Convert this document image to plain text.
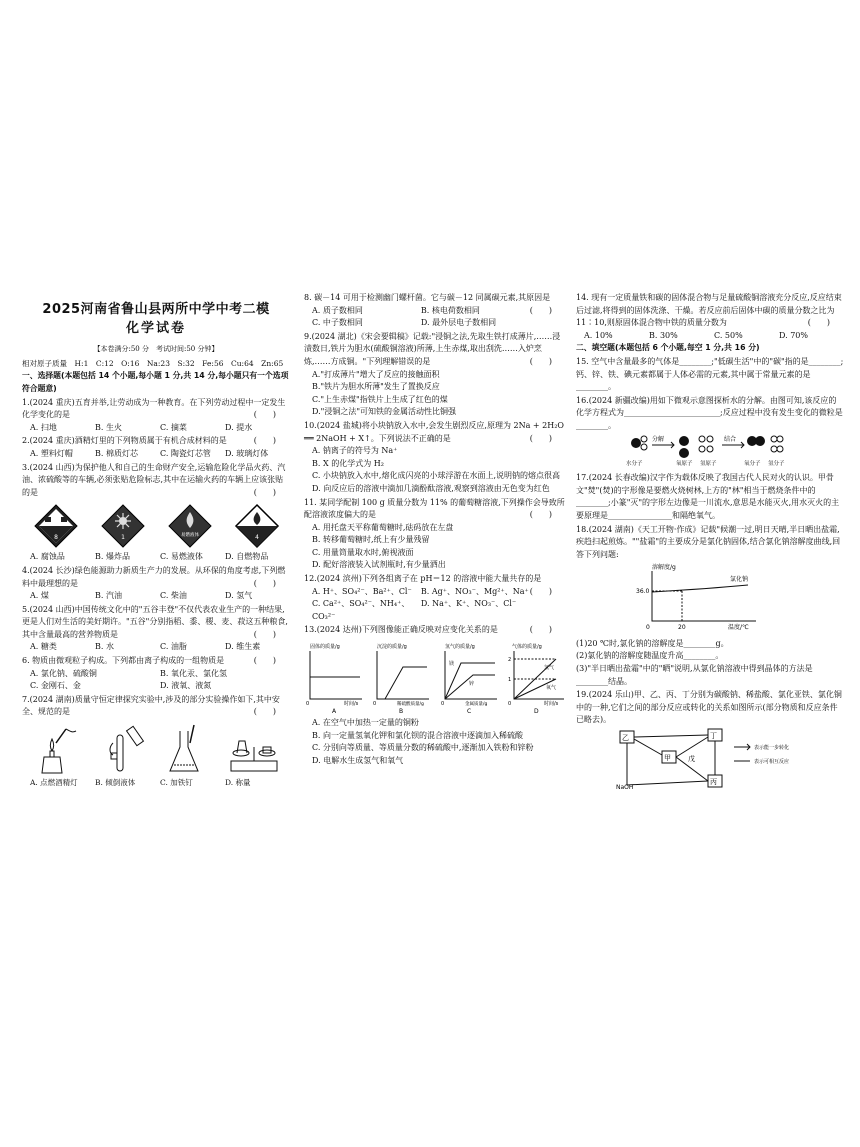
2025河南省鲁山县两所中学中考二模
化学试卷
【本卷满分:50 分　考试时间:50 分钟】
相对原子质量　H:1　C:12　O:16　Na:23　S:32　Fe:56　Cu:64　Zn:65
一、选择题(本题包括 14 个小题,每小题 1 分,共 14 分,每小题只有一个选项符合题意)
1.(2024 重庆)五育并举,让劳动成为一种教育。在下列劳动过程中一定发生化学变化的是	(　　)
A. 扫地	B. 生火	C. 摘菜	D. 提水
2.(2024 重庆)酒精灯里的下列物质属于有机合成材料的是	(　　)
A. 塑料灯帽	B. 棉质灯芯	C. 陶瓷灯芯管	D. 玻璃灯体
3.(2024 山西)为保护他人和自己的生命财产安全,运输危险化学品火药、汽油、浓硫酸等的车辆,必须张贴危险标志,其中在运输火药的车辆上应该张贴的是	(　　)
8	1	易燃液体	4
A. 腐蚀品	B. 爆炸品	C. 易燃液体	D. 自燃物品
4.(2024 长沙)绿色能源助力新质生产力的发展。从环保的角度考虑,下列燃料中最理想的是	(　　)
A. 煤	B. 汽油	C. 柴油	D. 氢气
5.(2024 山西)中国传统文化中的"五谷丰登"不仅代表农业生产的一种结果,更是人们对生活的美好期许。"五谷"分别指稻、黍、稷、麦、菽这五种粮食,其中含量最高的营养物质是	(　　)
A. 糖类	B. 水	C. 油脂	D. 维生素
6. 物质由微观粒子构成。下列都由离子构成的一组物质是	(　　)
A. 氯化钠、硫酸铜	B. 氧化汞、氯化氢
C. 金刚石、金	D. 液氧、液氮
7.(2024 湖南)质量守恒定律探究实验中,涉及的部分实验操作如下,其中安全、规范的是	(　　)
A. 点燃酒精灯	B. 倾倒液体	C. 加铁钉	D. 称量
8. 碳－14 可用于检测幽门螺杆菌。它与碳－12 同属碳元素,其原因是
(　　)
A. 质子数相同	B. 核电荷数相同
C. 中子数相同	D. 最外层电子数相同
9.(2024 湖北)《宋会要辑稿》记载:"浸铜之法,先取生铁打成薄片,……浸渍数日,铁片为胆水(硫酸铜溶液)所薄,上生赤煤,取出刮洗……入炉烹炼,……方成铜。"下列理解错误的是	(　　)
A."打成薄片"增大了反应的接触面积
B."铁片为胆水所薄"发生了置换反应
C."上生赤煤"指铁片上生成了红色的煤
D."浸铜之法"可知铁的金属活动性比铜强
10.(2024 盐城)将小块钠放入水中,会发生剧烈反应,原理为 2Na + 2H₂O ══ 2NaOH + X↑。下列说法不正确的是	(　　)
A. 钠离子的符号为 Na⁺
B. X 的化学式为 H₂
C. 小块钠放入水中,熔化成闪亮的小球浮游在水面上,说明钠的熔点很高
D. 向反应后的溶液中滴加几滴酚酞溶液,观察到溶液由无色变为红色
11. 某同学配制 100 g 质量分数为 11% 的葡萄糖溶液,下列操作会导致所配溶液浓度偏大的是	(　　)
A. 用托盘天平称葡萄糖时,砝码放在左盘
B. 转移葡萄糖时,纸上有少量残留
C. 用量筒量取水时,俯视液面
D. 配好溶液装入试剂瓶时,有少量洒出
12.(2024 滨州)下列各组离子在 pH＝12 的溶液中能大量共存的是
(　　)
A. H⁺、SO₄²⁻、Ba²⁺、Cl⁻	B. Ag⁺、NO₃⁻、Mg²⁺、Na⁺
C. Ca²⁺、SO₄²⁻、NH₄⁺、CO₃²⁻
D. Na⁺、K⁺、NO₃⁻、Cl⁻
13.(2024 达州)下列图像能正确反映对应变化关系的是	(　　)
固体的质量/g
0	时间/s
A
沉淀的质量/g
0	稀硫酸质量/g
B
氢气的质量/g
镁
锌
0	金属质量/g
C
气体的质量/g
2
1
氢气
氧气
0	时间/s
D
A. 在空气中加热一定量的铜粉
B. 向一定量氢氧化钾和氯化钡的混合溶液中逐滴加入稀硫酸
C. 分别向等质量、等质量分数的稀硫酸中,逐渐加入铁粉和锌粉
D. 电解水生成氢气和氧气
14. 现有一定质量铁和碳的固体混合物与足量硫酸铜溶液充分反应,反应结束后过滤,将得到的固体洗涤、干燥。若反应前后固体中碳的质量分数之比为 11∶10,则原固体混合物中铁的质量分数为	(　　)
A. 10%	B. 30%	C. 50%	D. 70%
二、填空题(本题包括 6 个小题,每空 1 分,共 16 分)
15. 空气中含量最多的气体是________;"低碳生活"中的"碳"指的是________;钙、锌、铁、碘元素都属于人体必需的元素,其中属于常量元素的是________。
16.(2024 新疆改编)用如下微观示意图探析水的分解。由图可知,该反应的化学方程式为________________________;反应过程中没有发生变化的微粒是________。
分解	结合
水分子	氧原子 氢原子	氧分子 氢分子
17.(2024 长春改编)汉字作为载体反映了我国古代人民对火的认识。甲骨文"焚"(焚)的字形像是要燃火烧树林,上方的"林"相当于燃烧条件中的________;小篆"灭"的字形左边像是一川流水,意思是水能灭火,用水灭火的主要原理是________________和隔绝氧气。
18.(2024 湖南)《天工开物·作成》记载"候潮一过,明日天晴,半日晒出盐霜,疾趋扫起煎炼。""盐霜"的主要成分是氯化钠固体,结合氯化钠溶解度曲线,回答下列问题:
溶解度/g
36.0
0	20	温度/℃
氯化钠
(1)20 ℃时,氯化钠的溶解度是________g。
(2)氯化钠的溶解度随温度升高________。
(3)"半日晒出盐霜"中的"晒"说明,从氯化钠溶液中得到晶体的方法是________结晶。
19.(2024 乐山)甲、乙、丙、丁分别为碳酸钠、稀盐酸、氯化亚铁、氯化铜中的一种,它们之间的部分反应或转化的关系如图所示(部分物质和反应条件已略去)。
乙	丁
甲 戊
丙
NaOH
表示能一步转化
表示可相互反应
